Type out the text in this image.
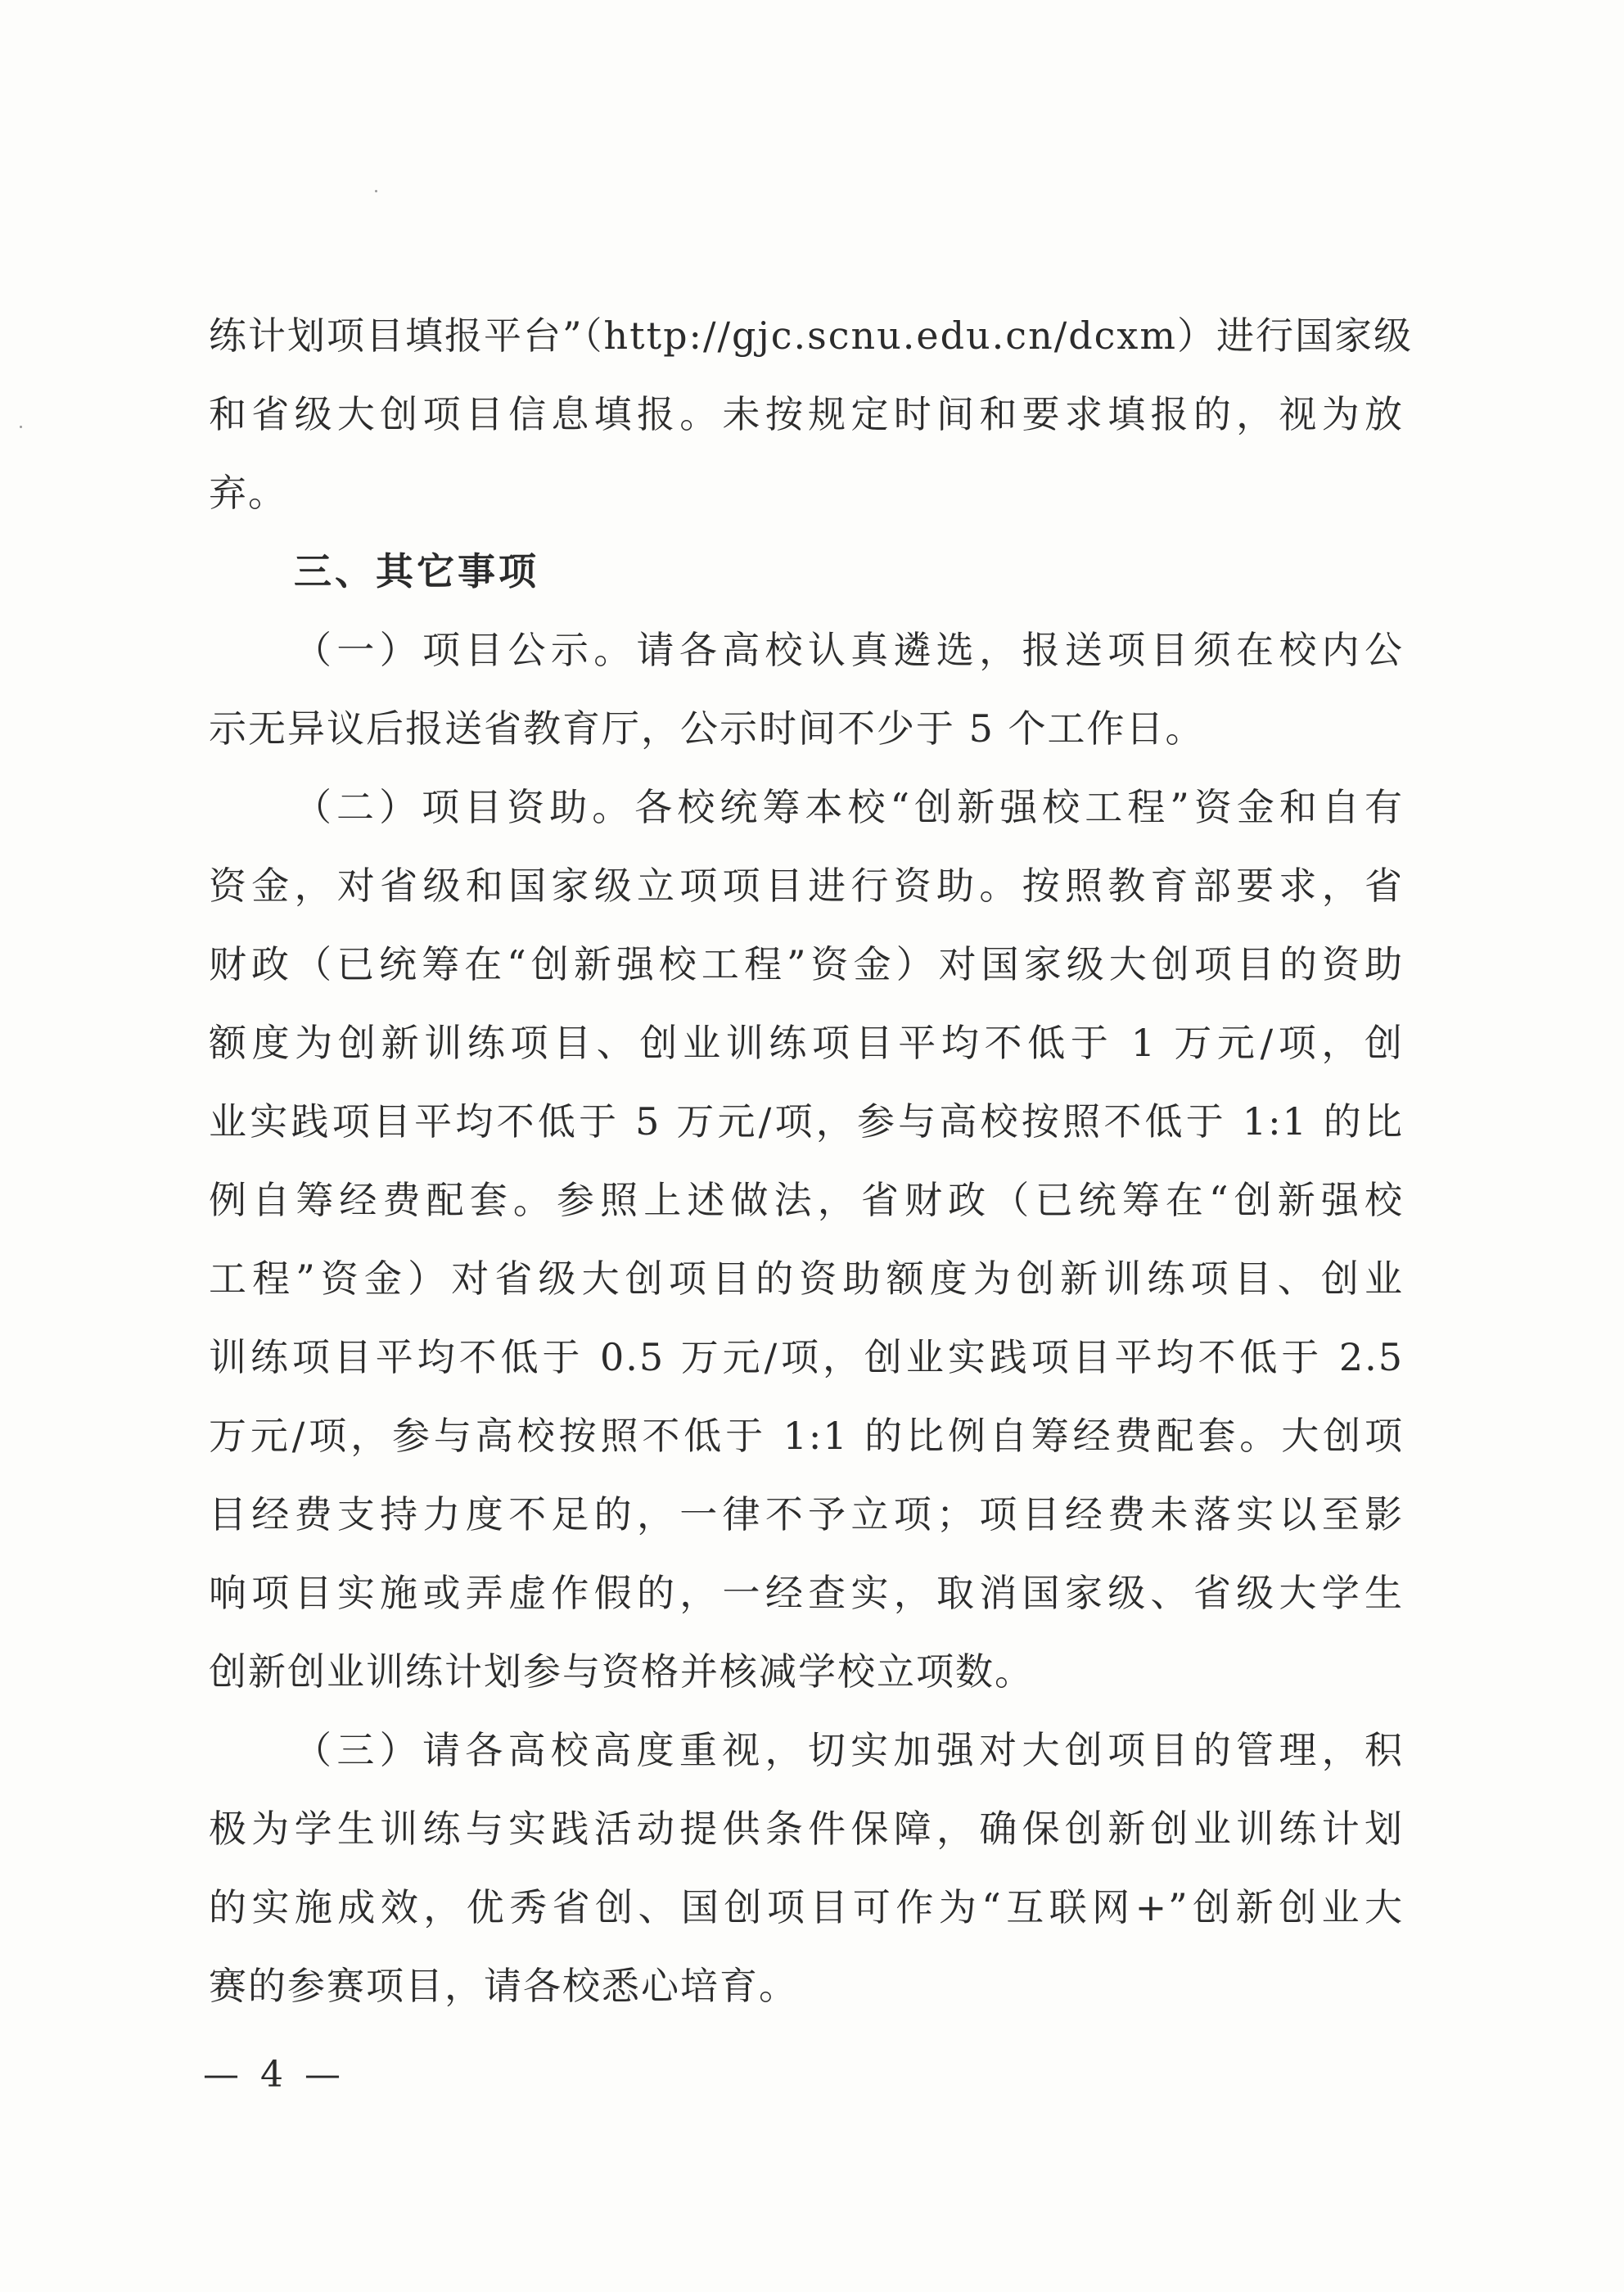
练计划项目填报平台”（http://gjc.scnu.edu.cn/dcxm）进行国家级
和省级大创项目信息填报。未按规定时间和要求填报的，视为放
弃。
三、其它事项
（一）项目公示。请各高校认真遴选，报送项目须在校内公
示无异议后报送省教育厅，公示时间不少于 5 个工作日。
（二）项目资助。各校统筹本校“创新强校工程”资金和自有
资金，对省级和国家级立项项目进行资助。按照教育部要求，省
财政（已统筹在“创新强校工程”资金）对国家级大创项目的资助
额度为创新训练项目、创业训练项目平均不低于 1 万元/项，创
业实践项目平均不低于 5 万元/项，参与高校按照不低于 1:1 的比
例自筹经费配套。参照上述做法，省财政（已统筹在“创新强校
工程”资金）对省级大创项目的资助额度为创新训练项目、创业
训练项目平均不低于 0.5 万元/项，创业实践项目平均不低于 2.5
万元/项，参与高校按照不低于 1:1 的比例自筹经费配套。大创项
目经费支持力度不足的，一律不予立项；项目经费未落实以至影
响项目实施或弄虚作假的，一经查实，取消国家级、省级大学生
创新创业训练计划参与资格并核减学校立项数。
（三）请各高校高度重视，切实加强对大创项目的管理，积
极为学生训练与实践活动提供条件保障，确保创新创业训练计划
的实施成效，优秀省创、国创项目可作为“互联网+”创新创业大
赛的参赛项目，请各校悉心培育。
— 4 —
